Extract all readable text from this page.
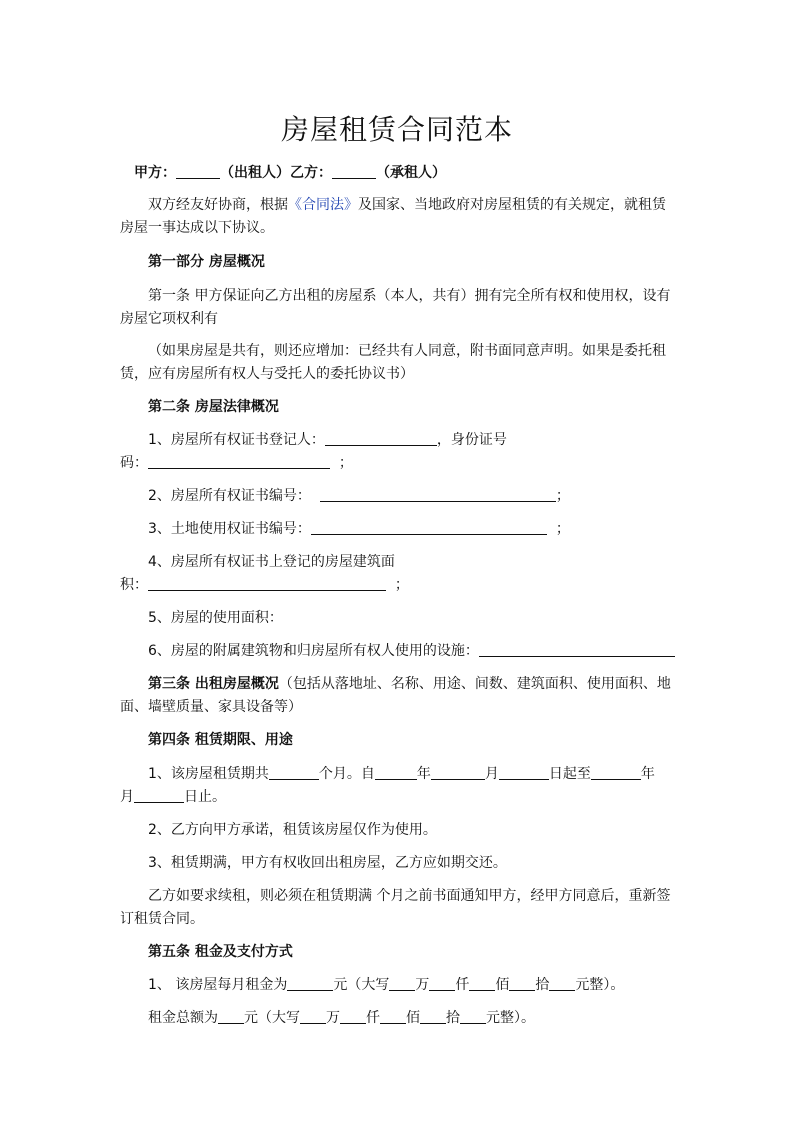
房屋租赁合同范本
甲方：	（出租人）乙方：	（承租人）
双方经友好协商，根据《合同法》及国家、当地政府对房屋租赁的有关规定，就租赁
房屋一事达成以下协议。
第一部分 房屋概况
第一条 甲方保证向乙方出租的房屋系（本人，共有）拥有完全所有权和使用权，设有
房屋它项权利有
（如果房屋是共有，则还应增加：已经共有人同意，附书面同意声明。如果是委托租
赁，应有房屋所有权人与受托人的委托协议书）
第二条 房屋法律概况
1、房屋所有权证书登记人：	，身份证号
码：	；
2、房屋所有权证书编号：	；
3、土地使用权证书编号：	；
4、房屋所有权证书上登记的房屋建筑面
积：	；
5、房屋的使用面积：
6、房屋的附属建筑物和归房屋所有权人使用的设施：
第三条 出租房屋概况（包括从落地址、名称、用途、间数、建筑面积、使用面积、地
面、墙壁质量、家具设备等）
第四条 租赁期限、用途
1、该房屋租赁期共	个月。自	年	月	日起至	年
月	日止。
2、乙方向甲方承诺，租赁该房屋仅作为使用。
3、租赁期满，甲方有权收回出租房屋，乙方应如期交还。
乙方如要求续租，则必须在租赁期满 个月之前书面通知甲方，经甲方同意后，重新签
订租赁合同。
第五条 租金及支付方式
1、 该房屋每月租金为	元（大写 万 仟 佰 拾 元整）。
租金总额为 元（大写 万 仟 佰 拾 元整）。
